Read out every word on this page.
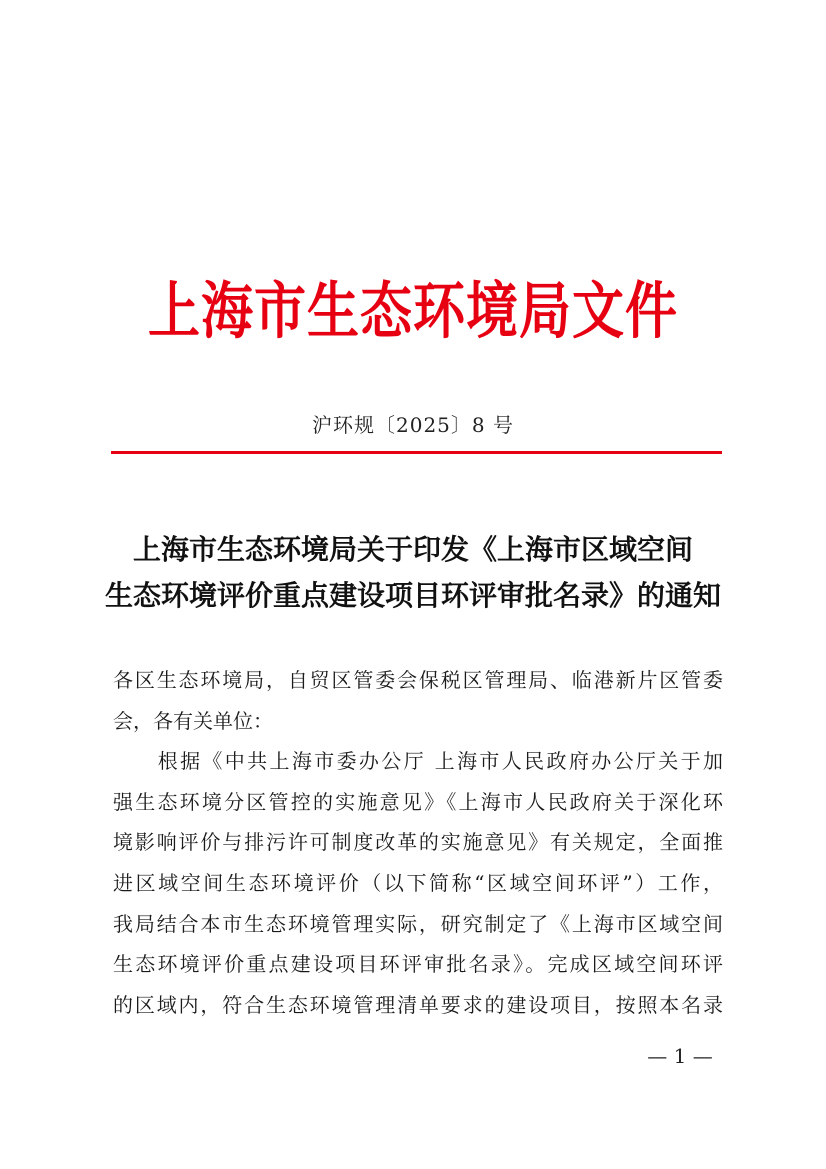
上海市生态环境局文件
沪环规〔2025〕8 号
上海市生态环境局关于印发《上海市区域空间
生态环境评价重点建设项目环评审批名录》的通知
各区生态环境局，自贸区管委会保税区管理局、临港新片区管委
会，各有关单位：
　　根据《中共上海市委办公厅 上海市人民政府办公厅关于加
强生态环境分区管控的实施意见》《上海市人民政府关于深化环
境影响评价与排污许可制度改革的实施意见》有关规定，全面推
进区域空间生态环境评价（以下简称“区域空间环评”）工作，
我局结合本市生态环境管理实际，研究制定了《上海市区域空间
生态环境评价重点建设项目环评审批名录》。完成区域空间环评
的区域内，符合生态环境管理清单要求的建设项目，按照本名录
— 1 —
